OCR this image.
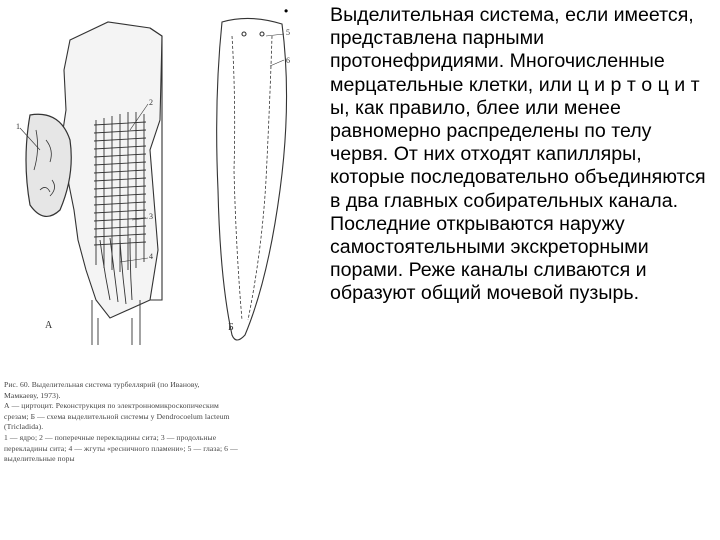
А	Б
1
2
3
4
5
6
Рис. 60. Выделительная система турбеллярий (по Иванову,
Мамкаеву, 1973).
А — циртоцит. Реконструкция по электронномикроскопическим
срезам; Б — схема выделительной системы у Dendrocoelum lacteum
(Tricladida).
1 — ядро; 2 — поперечные перекладины сита; 3 — продольные
перекладины сита; 4 — жгуты «ресничного пламени»; 5 — глаза; 6 —
выделительные поры
• Выделительная система, если имеется, представлена парными протонефридиями. Многочисленные мерцательные клетки, или ц и р т о ц и т ы, как правило, блее или менее равномерно распределены по телу червя. От них отходят капилляры, которые последовательно объединяются в два главных собирательных канала. Последние открываются наружу самостоятельными экскреторными порами. Реже каналы сливаются и образуют общий мочевой пузырь.
